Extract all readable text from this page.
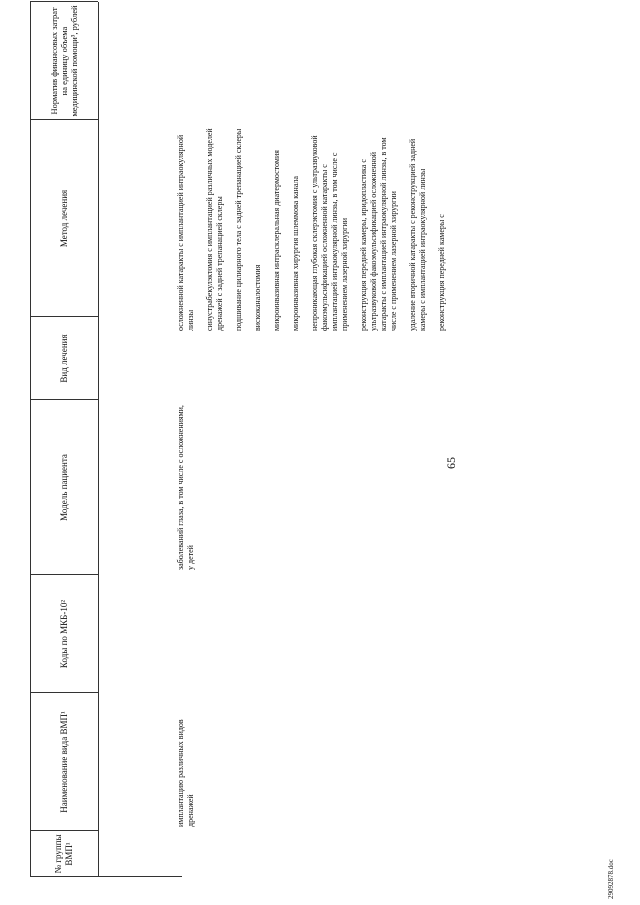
65
№ группы ВМП¹
Наименование вида ВМП¹
Коды по МКБ-10²
Модель пациента
Вид лечения
Метод лечения
Норматив финансовых затрат на единицу объема медицинской помощи³, рублей
имплантацию различных видов дренажей
заболеваний глаза, в том числе с осложнениями, у детей
осложненной катаракты с имплантацией интраокулярной линзы синустрабекулэктомия с имплантацией различных моделей дренажей с задней трепанацией склеры подшивание цилиарного тела с задней трепанацией склеры вискоканалостомия микроинвазивная интрасклеральная диатермостомия микроинвазивная хирургия шлеммова канала непроникающая глубокая склерэктомия с ультразвуковой факоэмульсификацией осложненной катаракты с имплантацией интраокулярной линзы, в том числе с применением лазерной хирургии реконструкция передней камеры, иридопластика с ультразвуковой факоэмульсификацией осложненной катаракты с имплантацией интраокулярной линзы, в том числе с применением лазерной хирургии удаление вторичной катаракты с реконструкцией задней камеры с имплантацией интраокулярной линзы реконструкция передней камеры с
29092878.doc
